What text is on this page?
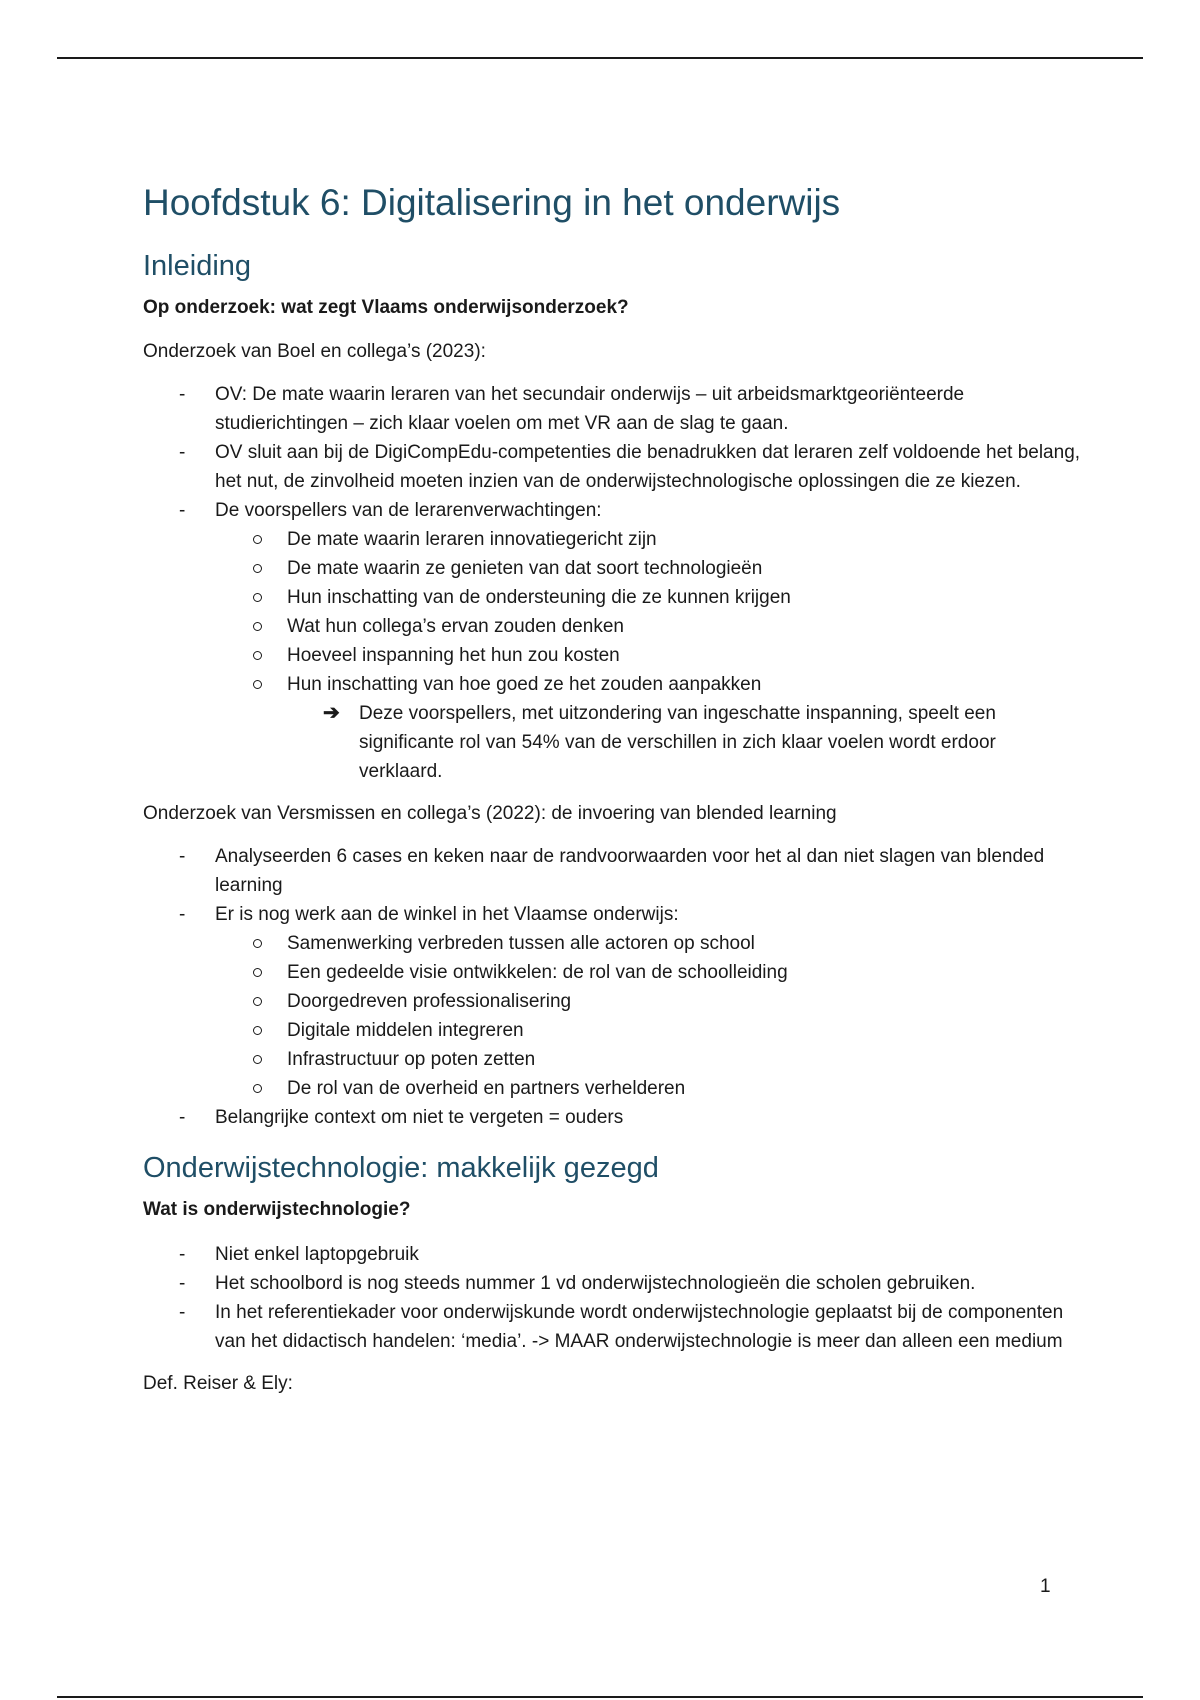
Hoofdstuk 6: Digitalisering in het onderwijs
Inleiding
Op onderzoek: wat zegt Vlaams onderwijsonderzoek?

Onderzoek van Boel en collega’s (2023):

- OV: De mate waarin leraren van het secundair onderwijs – uit arbeidsmarktgeoriënteerde studierichtingen – zich klaar voelen om met VR aan de slag te gaan.
- OV sluit aan bij de DigiCompEdu-competenties die benadrukken dat leraren zelf voldoende het belang, het nut, de zinvolheid moeten inzien van de onderwijstechnologische oplossingen die ze kiezen.
- De voorspellers van de lerarenverwachtingen:
De mate waarin leraren innovatiegericht zijn
De mate waarin ze genieten van dat soort technologieën
Hun inschatting van de ondersteuning die ze kunnen krijgen
Wat hun collega’s ervan zouden denken
Hoeveel inspanning het hun zou kosten
Hun inschatting van hoe goed ze het zouden aanpakken
➔ Deze voorspellers, met uitzondering van ingeschatte inspanning, speelt een significante rol van 54% van de verschillen in zich klaar voelen wordt erdoor verklaard.

Onderzoek van Versmissen en collega’s (2022): de invoering van blended learning

- Analyseerden 6 cases en keken naar de randvoorwaarden voor het al dan niet slagen van blended learning
- Er is nog werk aan de winkel in het Vlaamse onderwijs:
Samenwerking verbreden tussen alle actoren op school
Een gedeelde visie ontwikkelen: de rol van de schoolleiding
Doorgedreven professionalisering
Digitale middelen integreren
Infrastructuur op poten zetten
De rol van de overheid en partners verhelderen
- Belangrijke context om niet te vergeten = ouders
Onderwijstechnologie: makkelijk gezegd
Wat is onderwijstechnologie?
- Niet enkel laptopgebruik
- Het schoolbord is nog steeds nummer 1 vd onderwijstechnologieën die scholen gebruiken.
- In het referentiekader voor onderwijskunde wordt onderwijstechnologie geplaatst bij de componenten van het didactisch handelen: ‘media’. -> MAAR onderwijstechnologie is meer dan alleen een medium

Def. Reiser & Ely:

1
